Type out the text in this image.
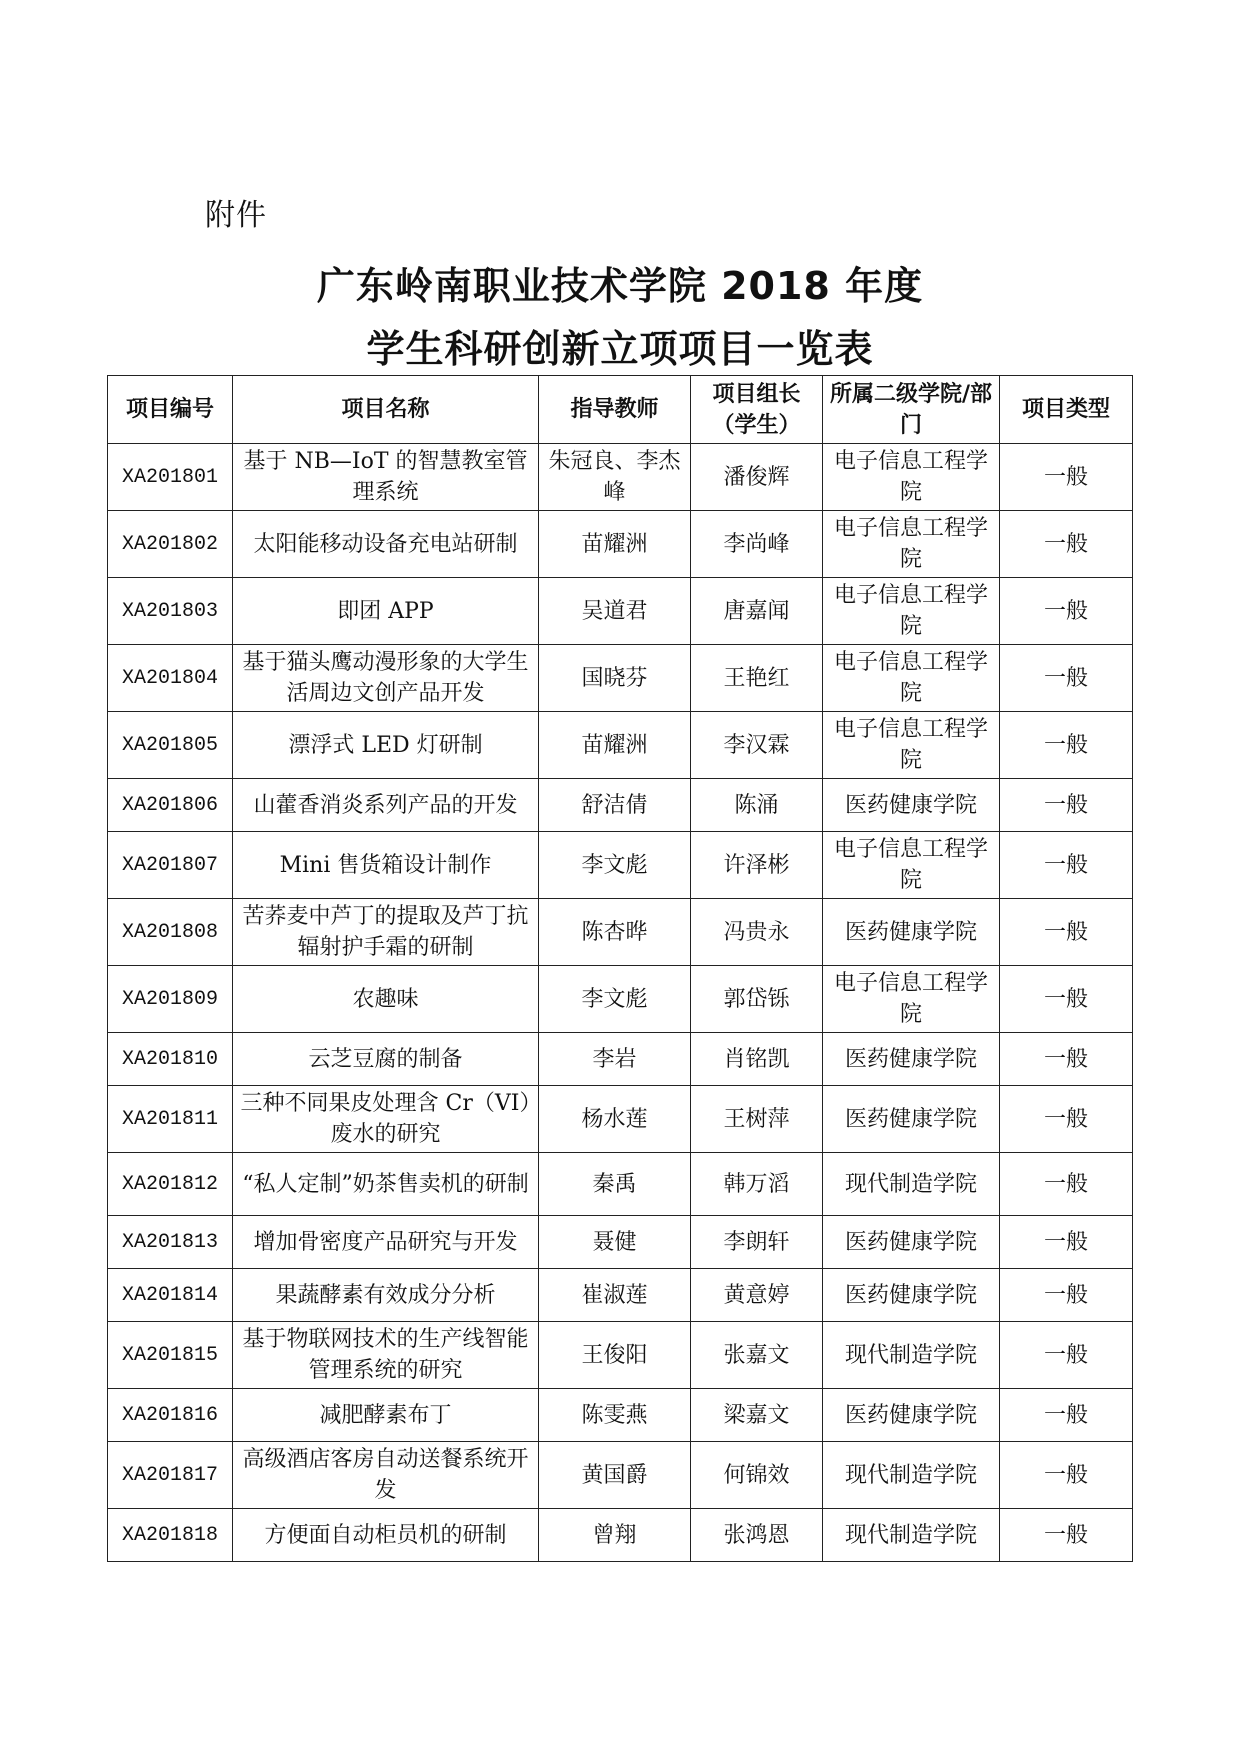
附件
广东岭南职业技术学院 2018 年度
学生科研创新立项项目一览表
项目编号	项目名称	指导教师	项目组长（学生）	所属二级学院/部门	项目类型
XA201801	基于 NB—IoT 的智慧教室管理系统	朱冠良、李杰峰	潘俊辉	电子信息工程学院	一般
XA201802	太阳能移动设备充电站研制	苗耀洲	李尚峰	电子信息工程学院	一般
XA201803	即团 APP	吴道君	唐嘉闻	电子信息工程学院	一般
XA201804	基于猫头鹰动漫形象的大学生活周边文创产品开发	国晓芬	王艳红	电子信息工程学院	一般
XA201805	漂浮式 LED 灯研制	苗耀洲	李汉霖	电子信息工程学院	一般
XA201806	山藿香消炎系列产品的开发	舒洁倩	陈涌	医药健康学院	一般
XA201807	Mini 售货箱设计制作	李文彪	许泽彬	电子信息工程学院	一般
XA201808	苦荞麦中芦丁的提取及芦丁抗辐射护手霜的研制	陈杏晔	冯贵永	医药健康学院	一般
XA201809	农趣味	李文彪	郭岱铄	电子信息工程学院	一般
XA201810	云芝豆腐的制备	李岩	肖铭凯	医药健康学院	一般
XA201811	三种不同果皮处理含 Cr（VI）废水的研究	杨水莲	王树萍	医药健康学院	一般
XA201812	“私人定制”奶茶售卖机的研制	秦禹	韩万滔	现代制造学院	一般
XA201813	增加骨密度产品研究与开发	聂健	李朗轩	医药健康学院	一般
XA201814	果蔬酵素有效成分分析	崔淑莲	黄意婷	医药健康学院	一般
XA201815	基于物联网技术的生产线智能管理系统的研究	王俊阳	张嘉文	现代制造学院	一般
XA201816	减肥酵素布丁	陈雯燕	梁嘉文	医药健康学院	一般
XA201817	高级酒店客房自动送餐系统开发	黄国爵	何锦效	现代制造学院	一般
XA201818	方便面自动柜员机的研制	曾翔	张鸿恩	现代制造学院	一般
